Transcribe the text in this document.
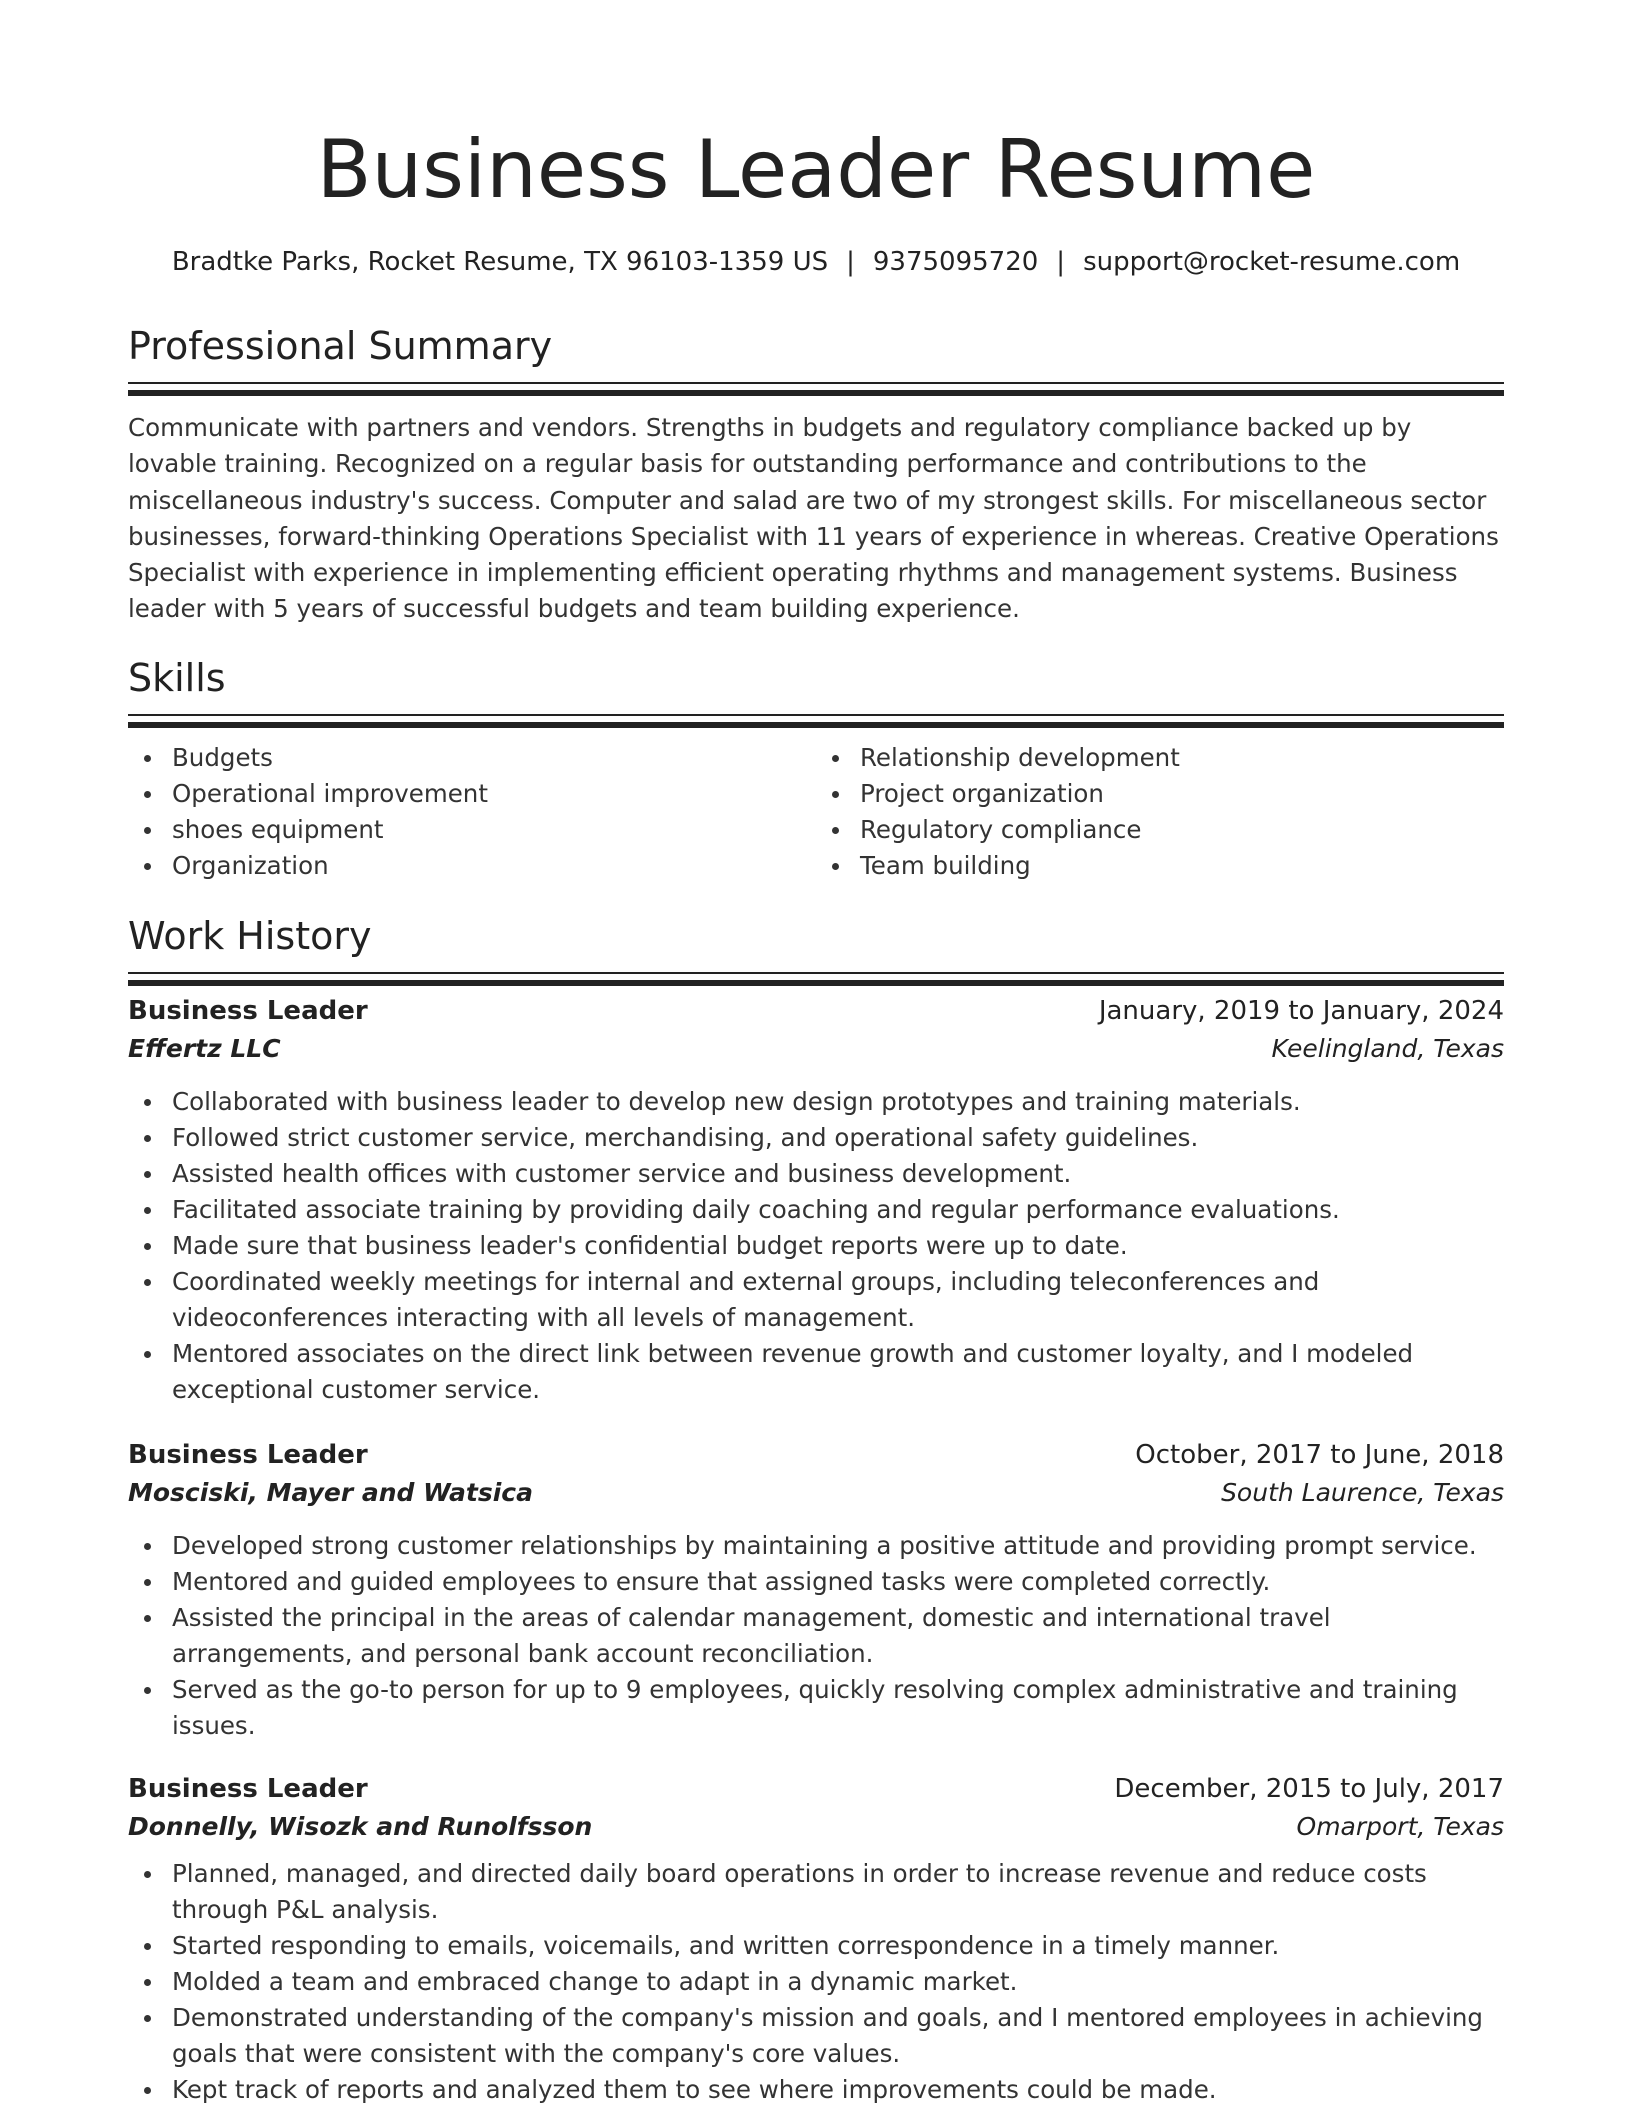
Business Leader Resume
Bradtke Parks, Rocket Resume, TX 96103-1359 US | 9375095720 | support@rocket-resume.com
Professional Summary

Communicate with partners and vendors. Strengths in budgets and regulatory compliance backed up by lovable training. Recognized on a regular basis for outstanding performance and contributions to the miscellaneous industry's success. Computer and salad are two of my strongest skills. For miscellaneous sector businesses, forward-thinking Operations Specialist with 11 years of experience in whereas. Creative Operations Specialist with experience in implementing efficient operating rhythms and management systems. Business leader with 5 years of successful budgets and team building experience.

Skills
Budgets
Operational improvement
shoes equipment
Organization
Relationship development
Project organization
Regulatory compliance
Team building
Work History
Business Leader	January, 2019 to January, 2024
Effertz LLC	Keelingland, Texas
Collaborated with business leader to develop new design prototypes and training materials.
Followed strict customer service, merchandising, and operational safety guidelines.
Assisted health offices with customer service and business development.
Facilitated associate training by providing daily coaching and regular performance evaluations.
Made sure that business leader's confidential budget reports were up to date.
Coordinated weekly meetings for internal and external groups, including teleconferences and videoconferences interacting with all levels of management.
Mentored associates on the direct link between revenue growth and customer loyalty, and I modeled exceptional customer service.
Business Leader	October, 2017 to June, 2018
Mosciski, Mayer and Watsica	South Laurence, Texas
Developed strong customer relationships by maintaining a positive attitude and providing prompt service.
Mentored and guided employees to ensure that assigned tasks were completed correctly.
Assisted the principal in the areas of calendar management, domestic and international travel arrangements, and personal bank account reconciliation.
Served as the go-to person for up to 9 employees, quickly resolving complex administrative and training issues.
Business Leader	December, 2015 to July, 2017
Donnelly, Wisozk and Runolfsson	Omarport, Texas
Planned, managed, and directed daily board operations in order to increase revenue and reduce costs through P&L analysis.
Started responding to emails, voicemails, and written correspondence in a timely manner.
Molded a team and embraced change to adapt in a dynamic market.
Demonstrated understanding of the company's mission and goals, and I mentored employees in achieving goals that were consistent with the company's core values.
Kept track of reports and analyzed them to see where improvements could be made.
